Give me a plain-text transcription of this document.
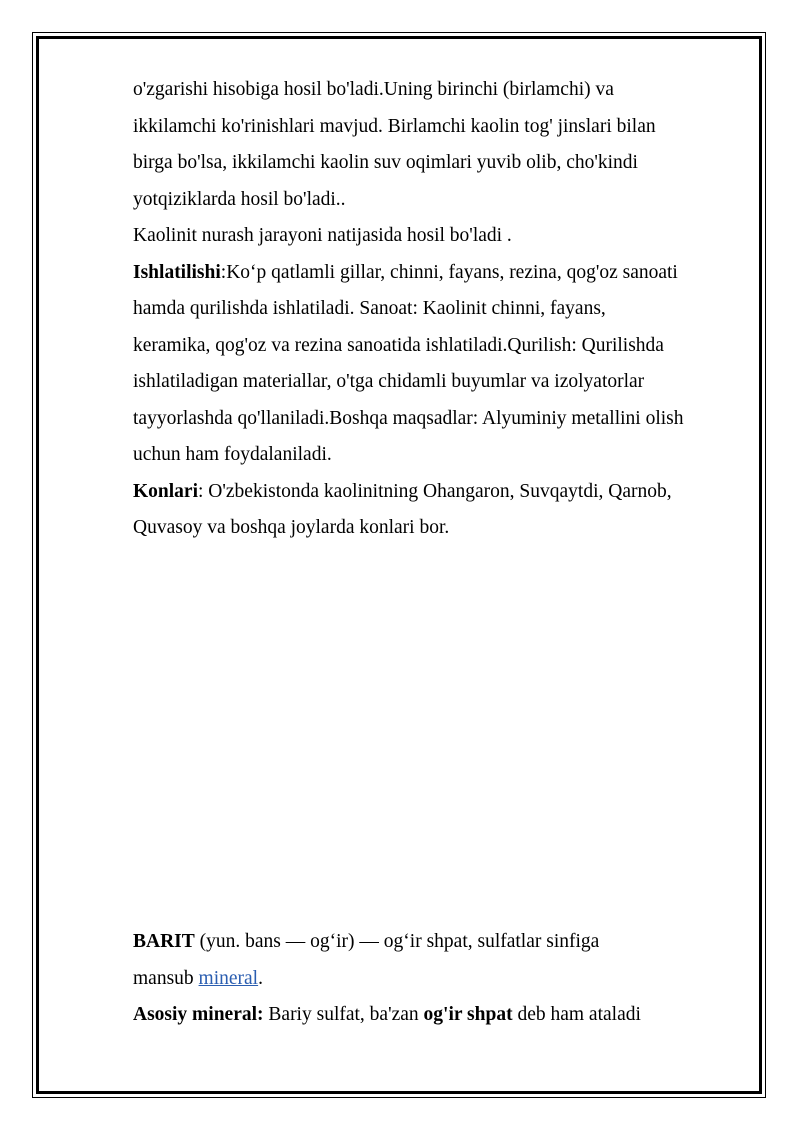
o'zgarishi hisobiga hosil bo'ladi.Uning birinchi (birlamchi) va
ikkilamchi ko'rinishlari mavjud. Birlamchi kaolin tog' jinslari bilan
birga bo'lsa, ikkilamchi kaolin suv oqimlari yuvib olib, cho'kindi
yotqiziklarda hosil bo'ladi..
Kaolinit nurash jarayoni natijasida hosil bo'ladi .
Ishlatilishi:Koʻp qatlamli gillar, chinni, fayans, rezina, qog'oz sanoati
hamda qurilishda ishlatiladi. Sanoat: Kaolinit chinni, fayans,
keramika, qog'oz va rezina sanoatida ishlatiladi.Qurilish: Qurilishda
ishlatiladigan materiallar, o'tga chidamli buyumlar va izolyatorlar
tayyorlashda qo'llaniladi.Boshqa maqsadlar: Alyuminiy metallini olish
uchun ham foydalaniladi.
Konlari: O'zbekistonda kaolinitning Ohangaron, Suvqaytdi, Qarnob,
Quvasoy va boshqa joylarda konlari bor.
BARIT (yun. bans — ogʻir) — ogʻir shpat, sulfatlar sinfiga
mansub mineral.
Asosiy mineral: Bariy sulfat, ba'zan og'ir shpat deb ham ataladi
